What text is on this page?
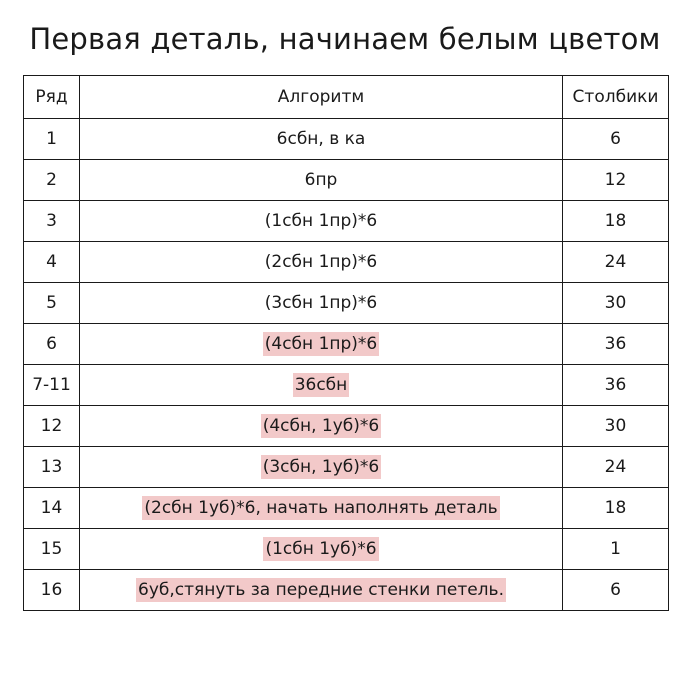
Первая деталь, начинаем белым цветом
Ряд	Алгоритм	Столбики
1	6сбн, в ка	6
2	6пр	12
3	(1сбн 1пр)*6	18
4	(2сбн 1пр)*6	24
5	(3сбн 1пр)*6	30
6	(4сбн 1пр)*6	36
7-11	36сбн	36
12	(4сбн, 1уб)*6	30
13	(3сбн, 1уб)*6	24
14	(2сбн 1уб)*6, начать наполнять деталь	18
15	(1сбн 1уб)*6	1
16	6уб,стянуть за передние стенки петель.	6
